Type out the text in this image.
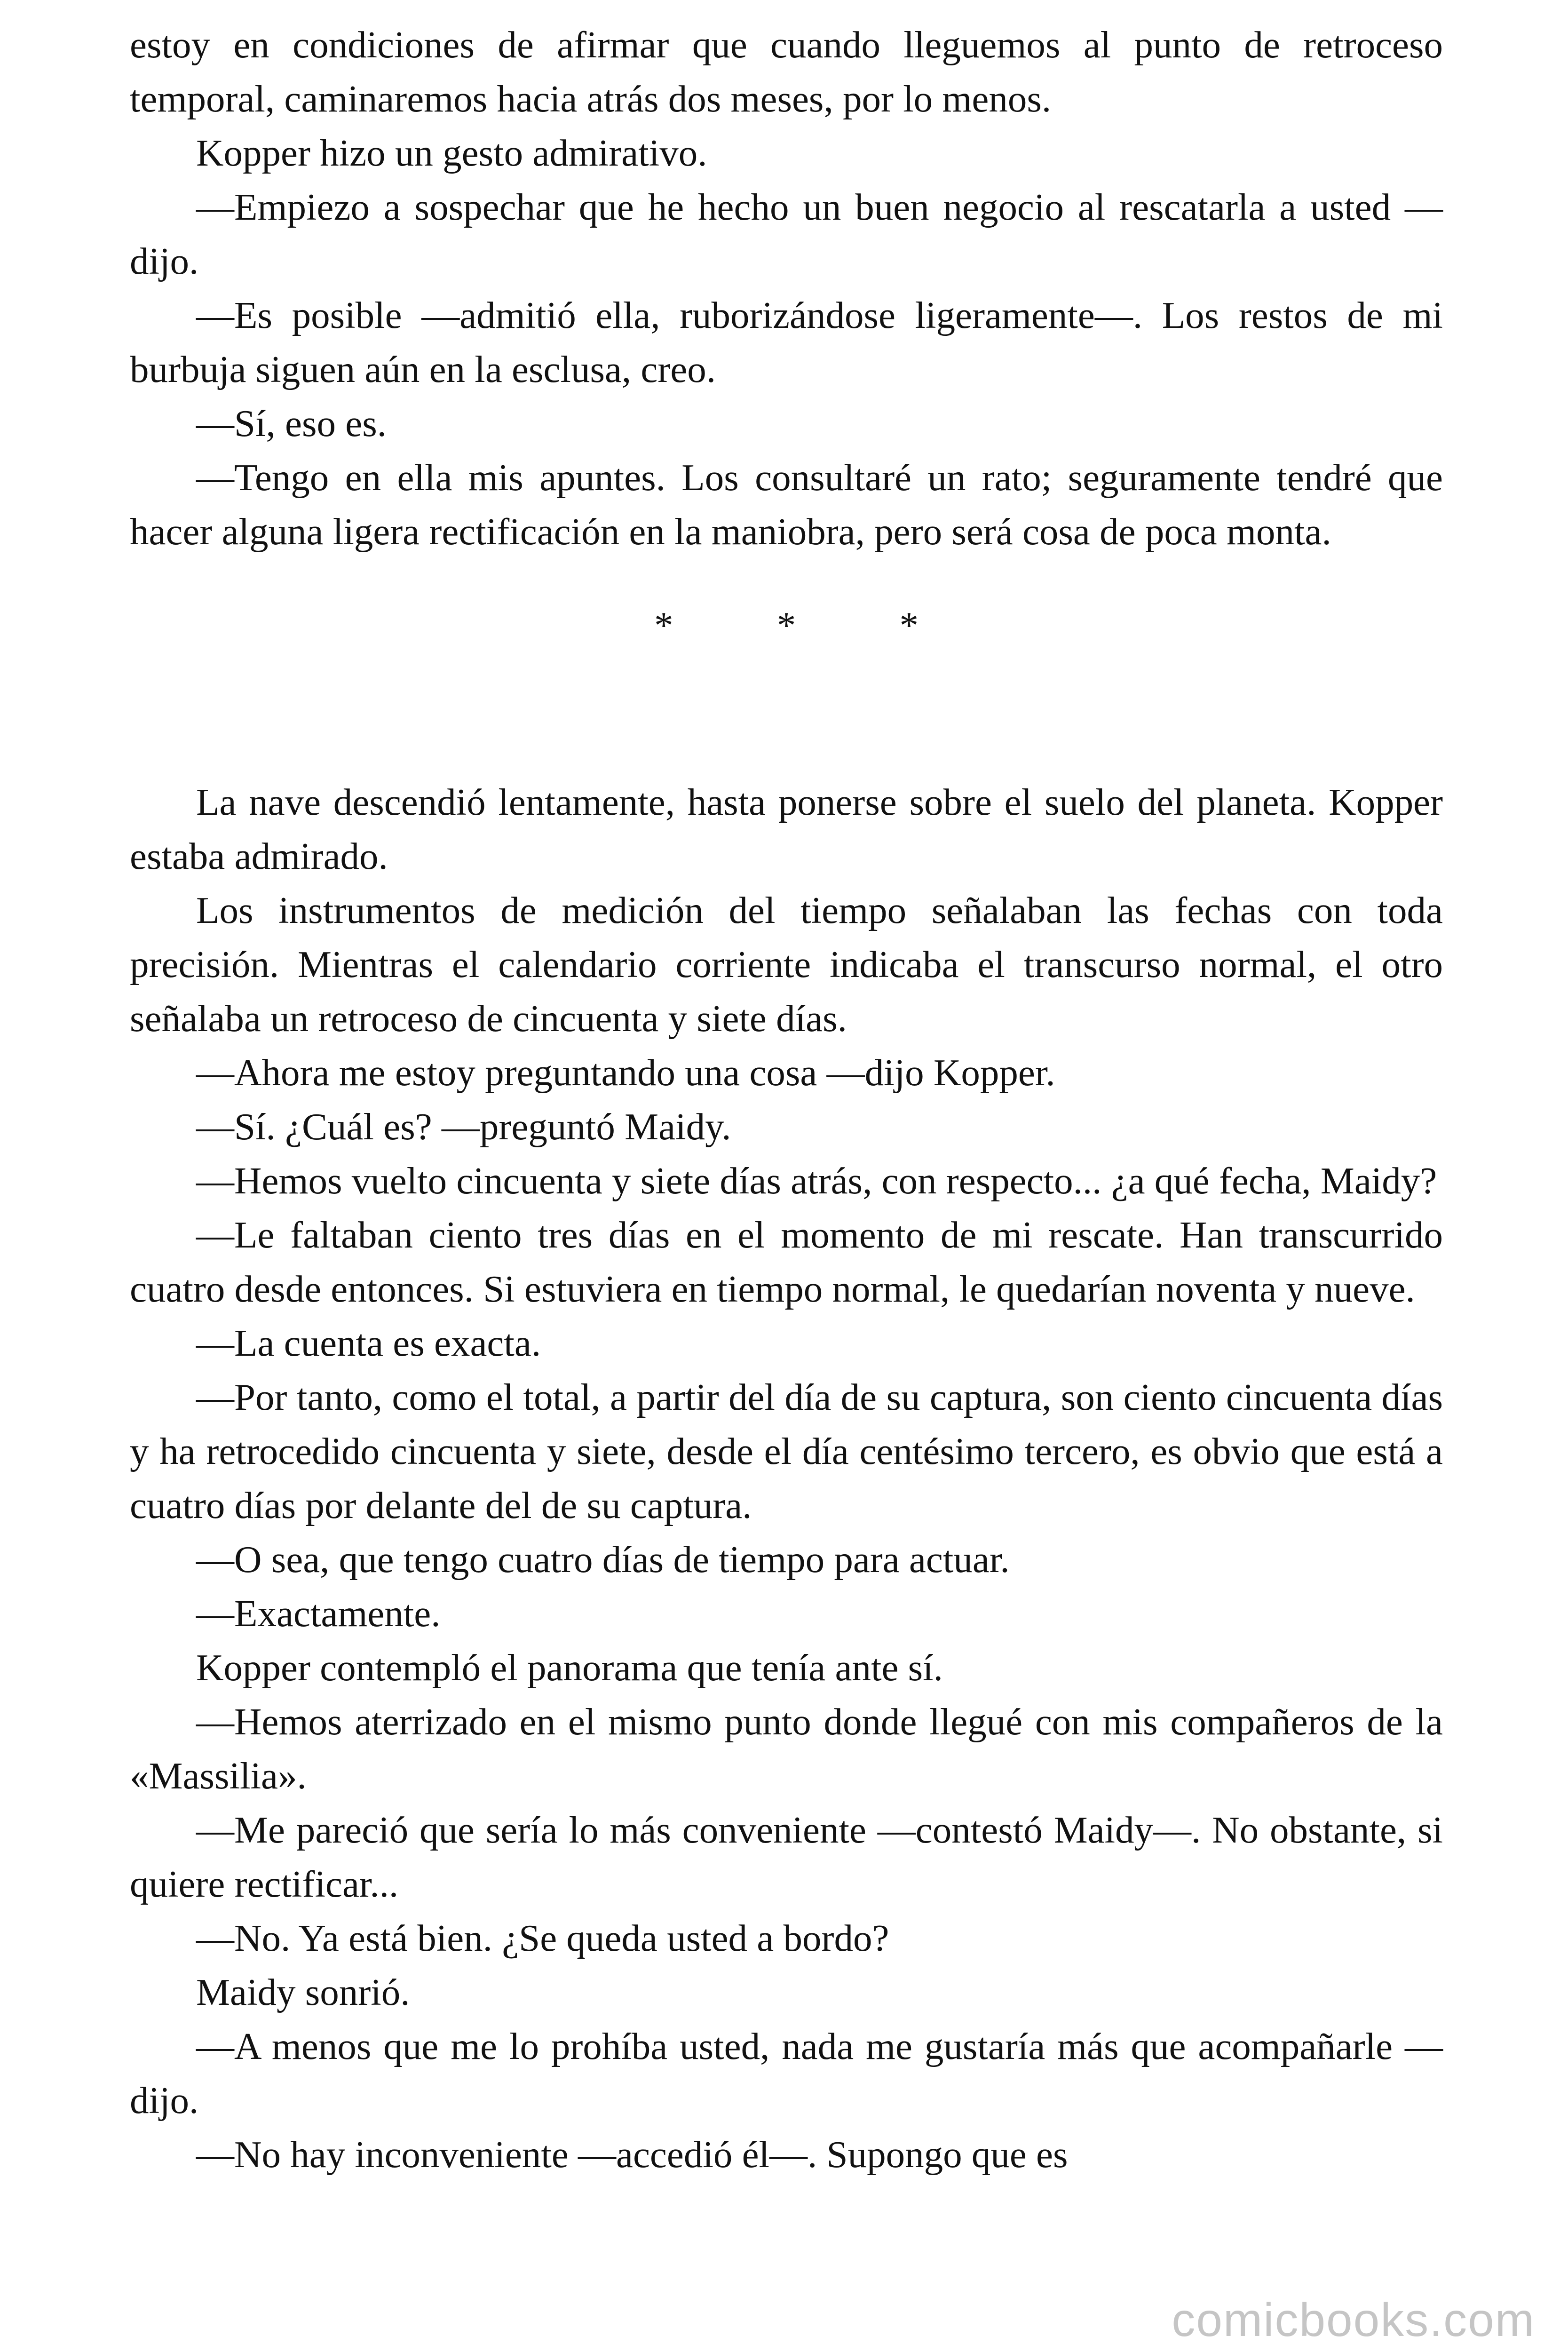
estoy en condiciones de afirmar que cuando lleguemos al punto de retroceso temporal, caminaremos hacia atrás dos meses, por lo menos.

Kopper hizo un gesto admirativo.

—Empiezo a sospechar que he hecho un buen negocio al rescatarla a usted —dijo.

—Es posible —admitió ella, ruborizándose ligeramente—. Los restos de mi burbuja siguen aún en la esclusa, creo.

—Sí, eso es.

—Tengo en ella mis apuntes. Los consultaré un rato; seguramente tendré que hacer alguna ligera rectificación en la maniobra, pero será cosa de poca monta.

* * *

La nave descendió lentamente, hasta ponerse sobre el suelo del planeta. Kopper estaba admirado.

Los instrumentos de medición del tiempo señalaban las fechas con toda precisión. Mientras el calendario corriente indicaba el transcurso normal, el otro señalaba un retroceso de cincuenta y siete días.

—Ahora me estoy preguntando una cosa —dijo Kopper.

—Sí. ¿Cuál es? —preguntó Maidy.

—Hemos vuelto cincuenta y siete días atrás, con respecto... ¿a qué fecha, Maidy?

—Le faltaban ciento tres días en el momento de mi rescate. Han transcurrido cuatro desde entonces. Si estuviera en tiempo normal, le quedarían noventa y nueve.

—La cuenta es exacta.

—Por tanto, como el total, a partir del día de su captura, son ciento cincuenta días y ha retrocedido cincuenta y siete, desde el día centésimo tercero, es obvio que está a cuatro días por delante del de su captura.

—O sea, que tengo cuatro días de tiempo para actuar.

—Exactamente.

Kopper contempló el panorama que tenía ante sí.

—Hemos aterrizado en el mismo punto donde llegué con mis compañeros de la «Massilia».

—Me pareció que sería lo más conveniente —contestó Maidy—. No obstante, si quiere rectificar...

—No. Ya está bien. ¿Se queda usted a bordo?

Maidy sonrió.

—A menos que me lo prohíba usted, nada me gustaría más que acompañarle —dijo.

—No hay inconveniente —accedió él—. Supongo que es

comicbooks.com
